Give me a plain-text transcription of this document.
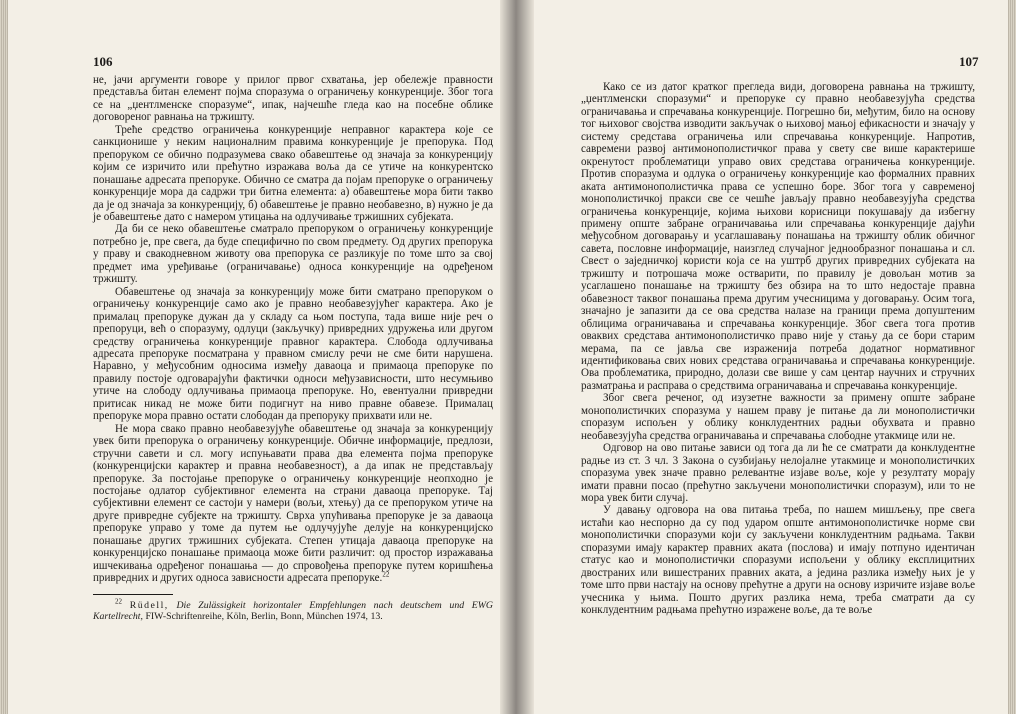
106

не, јачи аргументи говоре у прилог првог схватања, јер обележје правности представља битан елемент појма споразума о ограничењу конкуренције. Због тога се на „џентлменске споразуме“, ипак, најчешће гледа као на посебне облике договореног равнања на тржишту.

Треће средство ограничења конкуренције неправног карактера које се санкционише у неким националним правима конкуренције је препорука. Под препоруком се обично подразумева свако обавештење од значаја за конкуренцију којим се изричито или прећутно изражава воља да се утиче на конкурентско понашање адресата препоруке. Обично се сматра да појам препоруке о ограничењу конкуренције мора да садржи три битна елемента: а) обавештење мора бити такво да је од значаја за конкуренцију, б) обавештење је правно необавезно, в) нужно је да је обавештење дато с намером утицања на одлучивање тржишних субјеката.

Да би се неко обавештење сматрало препоруком о ограничењу конкуренције потребно је, пре свега, да буде специфично по свом предмету. Од других препорука у праву и свакодневном животу ова препорука се разликује по томе што за свој предмет има уређивање (ограничавање) односа конкуренције на одређеном тржишту.

Обавештење од значаја за конкуренцију може бити сматрано препоруком о ограничењу конкуренције само ако је правно необавезујућег карактера. Ако је прималац препоруке дужан да у складу са њом поступа, тада више није реч о препоруци, већ о споразуму, одлуци (закључку) привредних удружења или другом средству ограничења конкуренције правног карактера. Слобода одлучивања адресата препоруке посматрана у правном смислу речи не сме бити нарушена. Наравно, у међусобним односима између даваоца и примаоца препоруке по правилу постоје одговарајући фактички односи међузависности, што несумњиво утиче на слободу одлучивања примаоца препоруке. Но, евентуални привредни притисак никад не може бити подигнут на ниво правне обавезе. Прималац препоруке мора правно остати слободан да препоруку прихвати или не.

Не мора свако правно необавезујуће обавештење од значаја за конкуренцију увек бити препорука о ограничењу конкуренције. Обичне информације, предлози, стручни савети и сл. могу испуњавати права два елемента појма препоруке (конкуренцијски карактер и правна необавезност), а да ипак не представљају препоруке. За постојање препоруке о ограничењу конкуренције неопходно је постојање одлатор субјективног елемента на страни даваоца препоруке. Тај субјективни елемент се састоји у намери (вољи, хтењу) да се препоруком утиче на друге привредне субјекте на тржишту. Сврха упућивања препоруке је за даваоца препоруке управо у томе да путем ње одлучујуће делује на конкуренцијско понашање других тржишних субјеката. Степен утицаја даваоца препоруке на конкуренцијско понашање примаоца може бити различит: од простор изражавања ишчекивања одређеног понашања — до спровођења препоруке путем коришћења привредних и других односа зависности адресата препоруке.$^{22}$

$^{22}$ Rüdell, Die Zulässigkeit horizontaler Empfehlungen nach deutschem und EWG Kartellrecht, FIW-Schriftenreihe, Köln, Berlin, Bonn, München 1974, 13.

107

Како се из датог кратког прегледа види, договорена равнања на тржишту, „џентлменски споразуми“ и препоруке су правно необавезујућа средства ограничавања и спречавања конкуренције. Погрешно би, међутим, било на основу тог њиховог својства изводити закључак о њиховој мањој ефикасности и значају у систему средстава ограничења или спречавања конкуренције. Напротив, савремени развој антимонополистичког права у свету све више карактерише окренутост проблематици управо ових средстава ограничења конкуренције. Против споразума и одлука о ограничењу конкуренције као формалних правних аката антимонополистичка права се успешно боре. Због тога у савременој монополистичкој пракси све се чешће јављају правно необавезујућа средства ограничења конкуренције, којима њихови корисници покушавају да избегну примену опште забране ограничавања или спречавања конкуренције дајући међусобном договарању и усаглашавању понашања на тржишту облик обичног савета, пословне информације, наизглед случајног једнообразног понашања и сл. Свест о заједничкој користи која се на уштрб других привредних субјеката на тржишту и потрошача може остварити, по правилу је довољан мотив за усаглашено понашање на тржишту без обзира на то што недостаје правна обавезност таквог понашања према другим учесницима у договарању. Осим тога, значајно је запазити да се ова средства налазе на граници према допуштеним облицима ограничавања и спречавања конкуренције. Због свега тога против оваквих средстава антимонополистичко право није у стању да се бори старим мерама, па се јавља све израженија потреба додатног нормативног идентификовања свих нових средстава ограничавања и спречавања конкуренције. Ова проблематика, природно, долази све више у сам центар научних и стручних разматрања и расправа о средствима ограничавања и спречавања конкуренције.

Због свега реченог, од изузетне важности за примену опште забране монополистичких споразума у нашем праву је питање да ли монополистички споразум испољен у облику конклудентних радњи обухвата и правно необавезујућа средства ограничавања и спречавања слободне утакмице или не.

Одговор на ово питање зависи од тога да ли ће се сматрати да конклудентне радње из ст. 3 чл. 3 Закона о сузбијању нелојалне утакмице и монополистичких споразума увек значе правно релевантне изјаве воље, које у резултату морају имати правни посао (прећутно закључени монополистички споразум), или то не мора увек бити случај.

У давању одговора на ова питања треба, по нашем мишљењу, пре свега истаћи као неспорно да су под ударом опште антимонополистичке норме сви монополистички споразуми који су закључени конклудентним радњама. Такви споразуми имају карактер правних аката (послова) и имају потпуно идентичан статус као и монополистички споразуми испољени у облику експлицитних двостраних или вишестраних правних аката, а једина разлика између њих је у томе што први настају на основу прећутне а други на основу изричите изјаве воље учесника у њима. Пошто других разлика нема, треба сматрати да су конклудентним радњама прећутно изражене воље, да те воље
